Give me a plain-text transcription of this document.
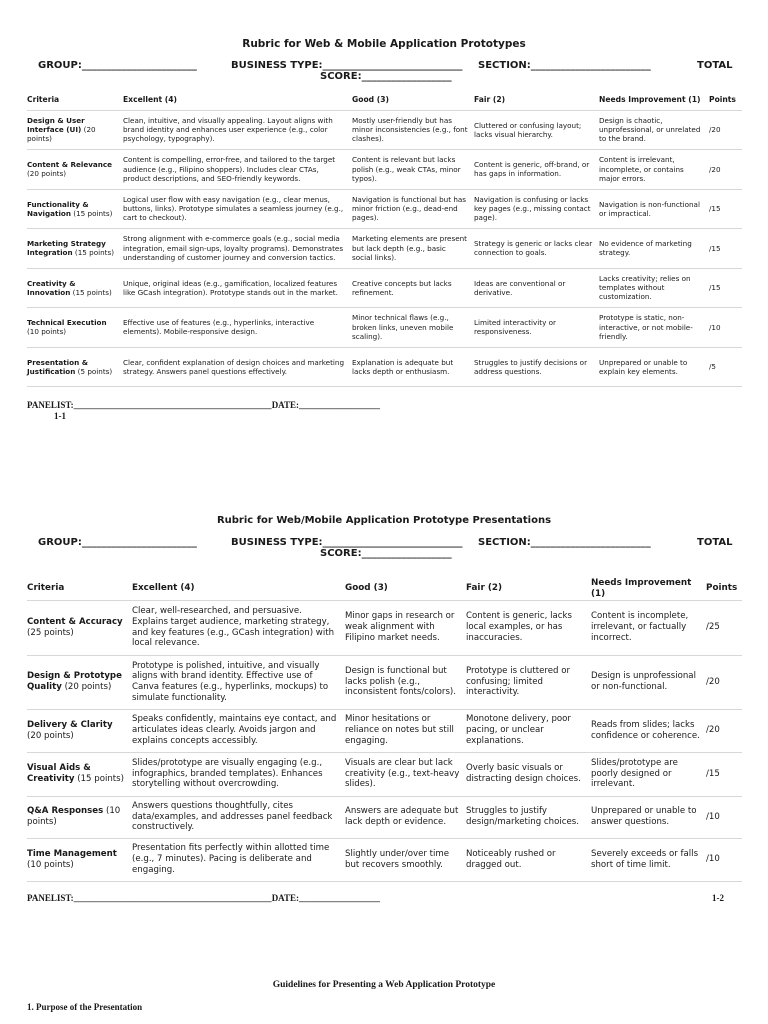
Rubric for Web & Mobile Application Prototypes
GROUP:_______________________	BUSINESS TYPE:____________________________ SECTION:________________________	TOTAL
SCORE:__________________
Criteria	Excellent (4)	Good (3)	Fair (2)	Needs Improvement (1)	Points
Design & User Interface (UI) (20 points)	Clean, intuitive, and visually appealing. Layout aligns with brand identity and enhances user experience (e.g., color psychology, typography).	Mostly user-friendly but has minor inconsistencies (e.g., font clashes).	Cluttered or confusing layout; lacks visual hierarchy.	Design is chaotic, unprofessional, or unrelated to the brand.	/20
Content & Relevance (20 points)	Content is compelling, error-free, and tailored to the target audience (e.g., Filipino shoppers). Includes clear CTAs, product descriptions, and SEO-friendly keywords.	Content is relevant but lacks polish (e.g., weak CTAs, minor typos).	Content is generic, off-brand, or has gaps in information.	Content is irrelevant, incomplete, or contains major errors.	/20
Functionality & Navigation (15 points)	Logical user flow with easy navigation (e.g., clear menus, buttons, links). Prototype simulates a seamless journey (e.g., cart to checkout).	Navigation is functional but has minor friction (e.g., dead-end pages).	Navigation is confusing or lacks key pages (e.g., missing contact page).	Navigation is non-functional or impractical.	/15
Marketing Strategy Integration (15 points)	Strong alignment with e-commerce goals (e.g., social media integration, email sign-ups, loyalty programs). Demonstrates understanding of customer journey and conversion tactics.	Marketing elements are present but lack depth (e.g., basic social links).	Strategy is generic or lacks clear connection to goals.	No evidence of marketing strategy.	/15
Creativity & Innovation (15 points)	Unique, original ideas (e.g., gamification, localized features like GCash integration). Prototype stands out in the market.	Creative concepts but lacks refinement.	Ideas are conventional or derivative.	Lacks creativity; relies on templates without customization.	/15
Technical Execution (10 points)	Effective use of features (e.g., hyperlinks, interactive elements). Mobile-responsive design.	Minor technical flaws (e.g., broken links, uneven mobile scaling).	Limited interactivity or responsiveness.	Prototype is static, non-interactive, or not mobile-friendly.	/10
Presentation & Justification (5 points)	Clear, confident explanation of design choices and marketing strategy. Answers panel questions effectively.	Explanation is adequate but lacks depth or enthusiasm.	Struggles to justify decisions or address questions.	Unprepared or unable to explain key elements.	/5
PANELIST:____________________________________________DATE:__________________
1-1
Rubric for Web/Mobile Application Prototype Presentations
GROUP:_______________________	BUSINESS TYPE:____________________________ SECTION:________________________	TOTAL
SCORE:__________________
Criteria	Excellent (4)	Good (3)	Fair (2)	Needs Improvement (1)	Points
Content & Accuracy (25 points)	Clear, well-researched, and persuasive. Explains target audience, marketing strategy, and key features (e.g., GCash integration) with local relevance.	Minor gaps in research or weak alignment with Filipino market needs.	Content is generic, lacks local examples, or has inaccuracies.	Content is incomplete, irrelevant, or factually incorrect.	/25
Design & Prototype Quality (20 points)	Prototype is polished, intuitive, and visually aligns with brand identity. Effective use of Canva features (e.g., hyperlinks, mockups) to simulate functionality.	Design is functional but lacks polish (e.g., inconsistent fonts/colors).	Prototype is cluttered or confusing; limited interactivity.	Design is unprofessional or non-functional.	/20
Delivery & Clarity (20 points)	Speaks confidently, maintains eye contact, and articulates ideas clearly. Avoids jargon and explains concepts accessibly.	Minor hesitations or reliance on notes but still engaging.	Monotone delivery, poor pacing, or unclear explanations.	Reads from slides; lacks confidence or coherence.	/20
Visual Aids & Creativity (15 points)	Slides/prototype are visually engaging (e.g., infographics, branded templates). Enhances storytelling without overcrowding.	Visuals are clear but lack creativity (e.g., text-heavy slides).	Overly basic visuals or distracting design choices.	Slides/prototype are poorly designed or irrelevant.	/15
Q&A Responses (10 points)	Answers questions thoughtfully, cites data/examples, and addresses panel feedback constructively.	Answers are adequate but lack depth or evidence.	Struggles to justify design/marketing choices.	Unprepared or unable to answer questions.	/10
Time Management (10 points)	Presentation fits perfectly within allotted time (e.g., 7 minutes). Pacing is deliberate and engaging.	Slightly under/over time but recovers smoothly.	Noticeably rushed or dragged out.	Severely exceeds or falls short of time limit.	/10
PANELIST:____________________________________________DATE:__________________	1-2
Guidelines for Presenting a Web Application Prototype
1. Purpose of the Presentation
